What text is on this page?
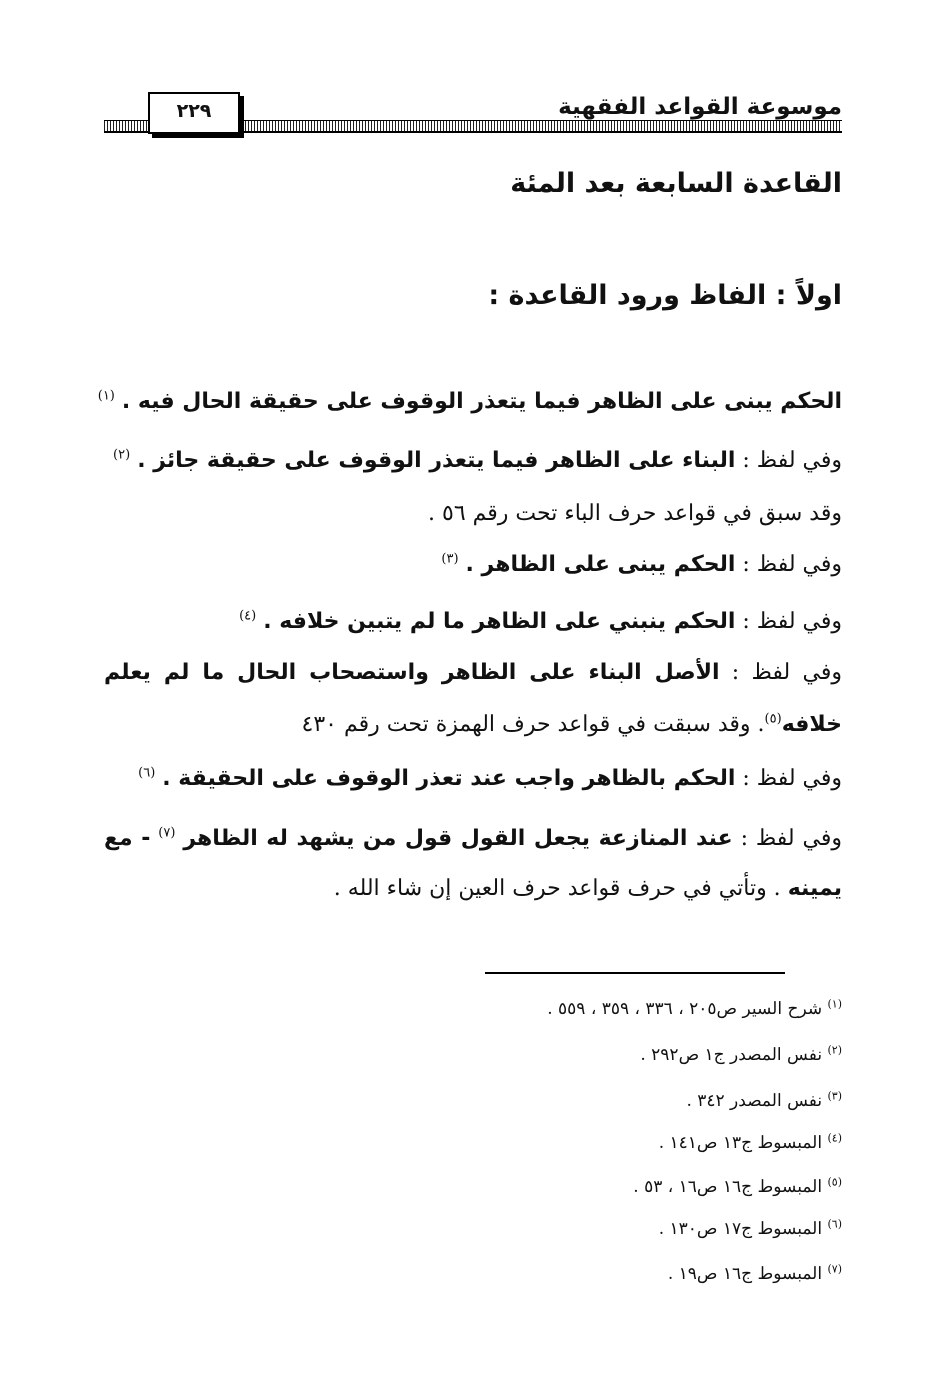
موسوعة القواعد الفقهية
٢٢٩
القاعدة السابعة بعد المئة
اولاً : الفاظ ورود القاعدة :
الحكم يبنى على الظاهر فيما يتعذر الوقوف على حقيقة الحال فيه . $^{(١)}$
وفي لفظ : البناء على الظاهر فيما يتعذر الوقوف على حقيقة جائز . $^{(٢)}$
وقد سبق في قواعد حرف الباء تحت رقم ٥٦ .
وفي لفظ : الحكم يبنى على الظاهر . $^{(٣)}$
وفي لفظ : الحكم ينبني على الظاهر ما لم يتبين خلافه . $^{(٤)}$
وفي لفظ : الأصل البناء على الظاهر واستصحاب الحال ما لم يعلم
خلافه$^{(٥)}$. وقد سبقت في قواعد حرف الهمزة تحت رقم ٤٣٠
وفي لفظ : الحكم بالظاهر واجب عند تعذر الوقوف على الحقيقة . $^{(٦)}$
وفي لفظ : عند المنازعة يجعل القول قول من يشهد له الظاهر $^{(٧)}$ - مع
يمينه . وتأتي في حرف قواعد حرف العين إن شاء الله .
$^{(١)}$ شرح السير ص٢٠٥ ، ٣٣٦ ، ٣٥٩ ، ٥٥٩ .
$^{(٢)}$ نفس المصدر ج١ ص٢٩٢ .
$^{(٣)}$ نفس المصدر ٣٤٢ .
$^{(٤)}$ المبسوط ج١٣ ص١٤١ .
$^{(٥)}$ المبسوط ج١٦ ص١٦ ، ٥٣ .
$^{(٦)}$ المبسوط ج١٧ ص١٣٠ .
$^{(٧)}$ المبسوط ج١٦ ص١٩ .
